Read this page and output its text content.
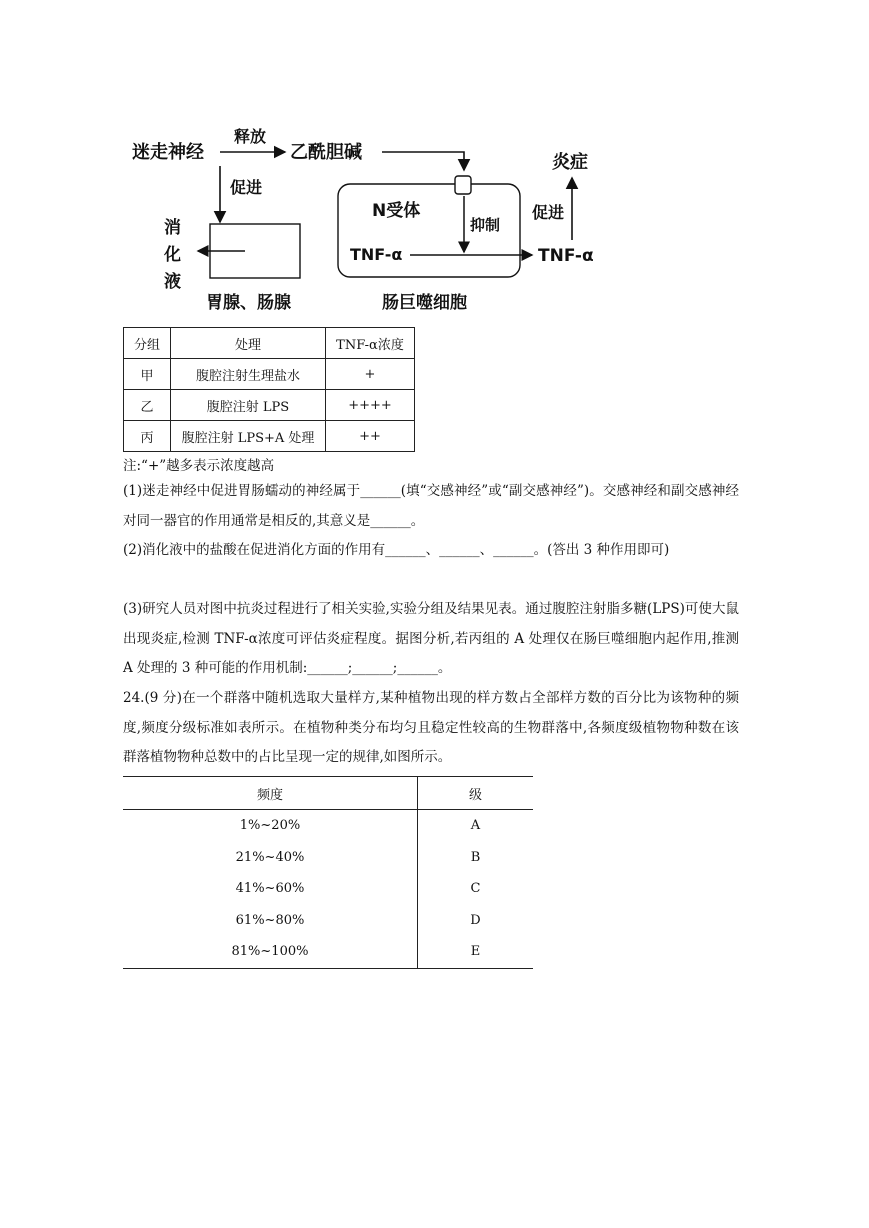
迷走神经
释放
乙酰胆碱
促进
消
化
液
胃腺、肠腺
N受体
抑制
TNF-α	TNF-α
促进
炎症
肠巨噬细胞
分组	处理	TNF-α浓度
甲	腹腔注射生理盐水	+
乙	腹腔注射 LPS	++++
丙	腹腔注射 LPS+A 处理	++
注:“+”越多表示浓度越高

(1)迷走神经中促进胃肠蠕动的神经属于______(填“交感神经”或“副交感神经”)。交感神经和副交感神经对同一器官的作用通常是相反的,其意义是______。

(2)消化液中的盐酸在促进消化方面的作用有______、______、______。(答出 3 种作用即可)

(3)研究人员对图中抗炎过程进行了相关实验,实验分组及结果见表。通过腹腔注射脂多糖(LPS)可使大鼠出现炎症,检测 TNF-α浓度可评估炎症程度。据图分析,若丙组的 A 处理仅在肠巨噬细胞内起作用,推测 A 处理的 3 种可能的作用机制:______;______;______。

24.(9 分)在一个群落中随机选取大量样方,某种植物出现的样方数占全部样方数的百分比为该物种的频度,频度分级标准如表所示。在植物种类分布均匀且稳定性较高的生物群落中,各频度级植物物种数在该群落植物物种总数中的占比呈现一定的规律,如图所示。

频度	级
1%~20%	A
21%~40%	B
41%~60%	C
61%~80%	D
81%~100%	E
